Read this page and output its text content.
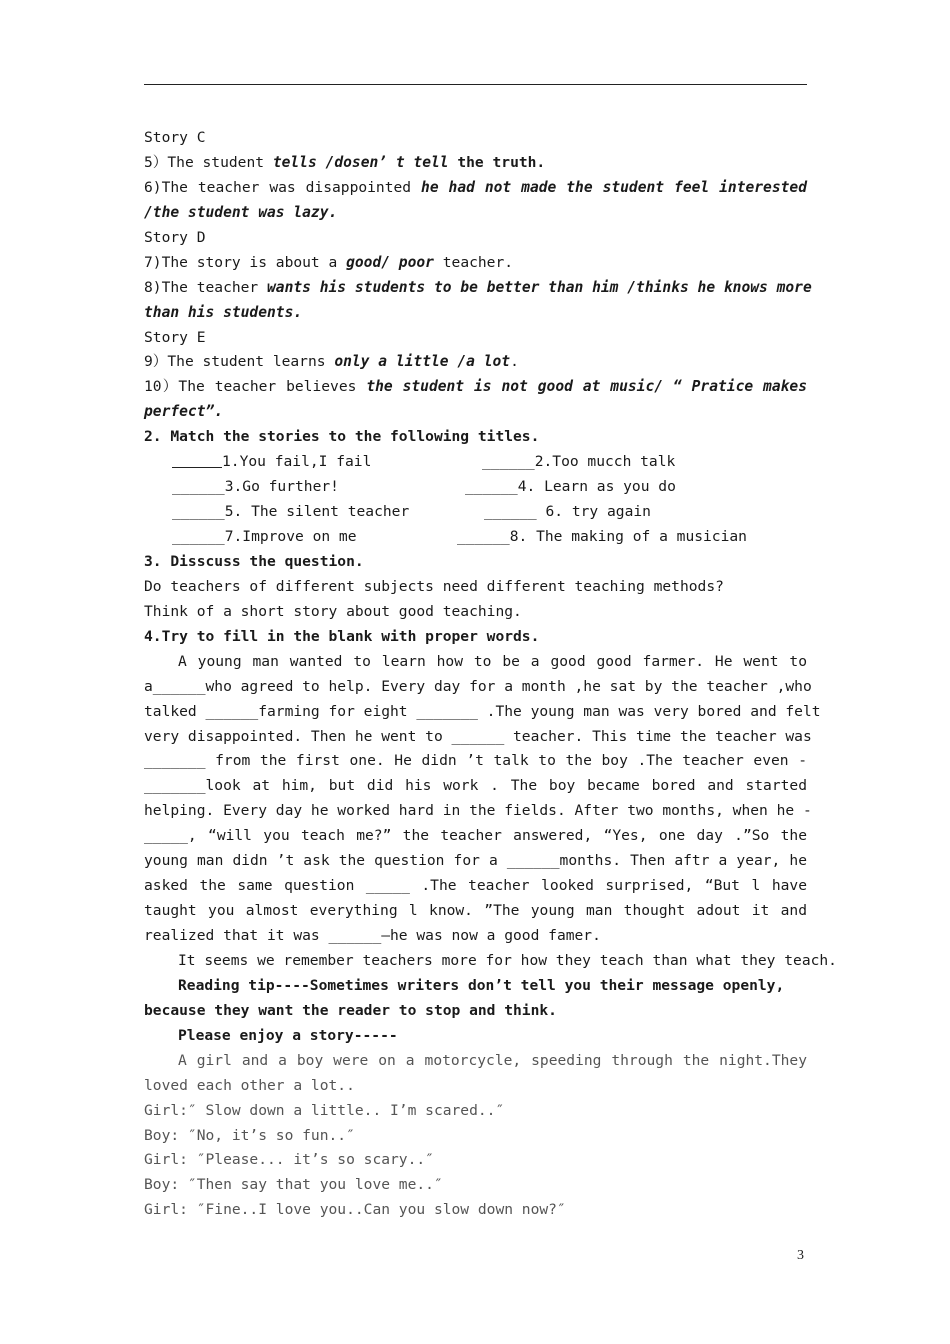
Story C
5）The student tells /dosen’ t tell the truth.
6)The teacher was disappointed he had not made the student feel interested
/the student was lazy.
Story D
7)The story is about a good/ poor teacher.
8)The teacher wants his students to be better than him /thinks he knows more
than his students.
Story E
9）The student learns only a little /a lot.
10）The teacher believes the student is not good at music/ “ Pratice makes
perfect”.
2. Match the stories to the following titles.
1.You fail,I fail	______2.Too mucch talk
______3.Go further!	______4. Learn as you do
______5. The silent teacher	______ 6. try again
______7.Improve on me	______8. The making of a musician
3. Disscuss the question.
Do teachers of different subjects need different teaching methods?
Think of a short story about good teaching.
4.Try to fill in the blank with proper words.
A young man wanted to learn how to be a good good farmer. He went to
a______who agreed to help. Every day for a month ,he sat by the teacher ,who
talked ______farming for eight _______ .The young man was very bored and felt
very disappointed. Then he went to ______ teacher. This time the teacher was
_______ from the first one. He didn ’t talk to the boy .The teacher even -
_______look at him, but did his work . The boy became bored and started
helping. Every day he worked hard in the fields. After two months, when he -
_____, “will you teach me?” the teacher answered, “Yes, one day .”So the
young man didn ’t ask the question for a ______months. Then aftr a year, he
asked the same question _____ .The teacher looked surprised, “But l have
taught you almost everything l know. ”The young man thought adout it and
realized that it was ______—he was now a good famer.
It seems we remember teachers more for how they teach than what they teach.
Reading tip----Sometimes writers don’t tell you their message openly,
because they want the reader to stop and think.
Please enjoy a story-----
A girl and a boy were on a motorcycle, speeding through the night.They
loved each other a lot..
Girl:″ Slow down a little.. I’m scared..″
Boy: ″No, it’s so fun..″
Girl: ″Please... it’s so scary..″
Boy: ″Then say that you love me..″
Girl: ″Fine..I love you..Can you slow down now?″
3
